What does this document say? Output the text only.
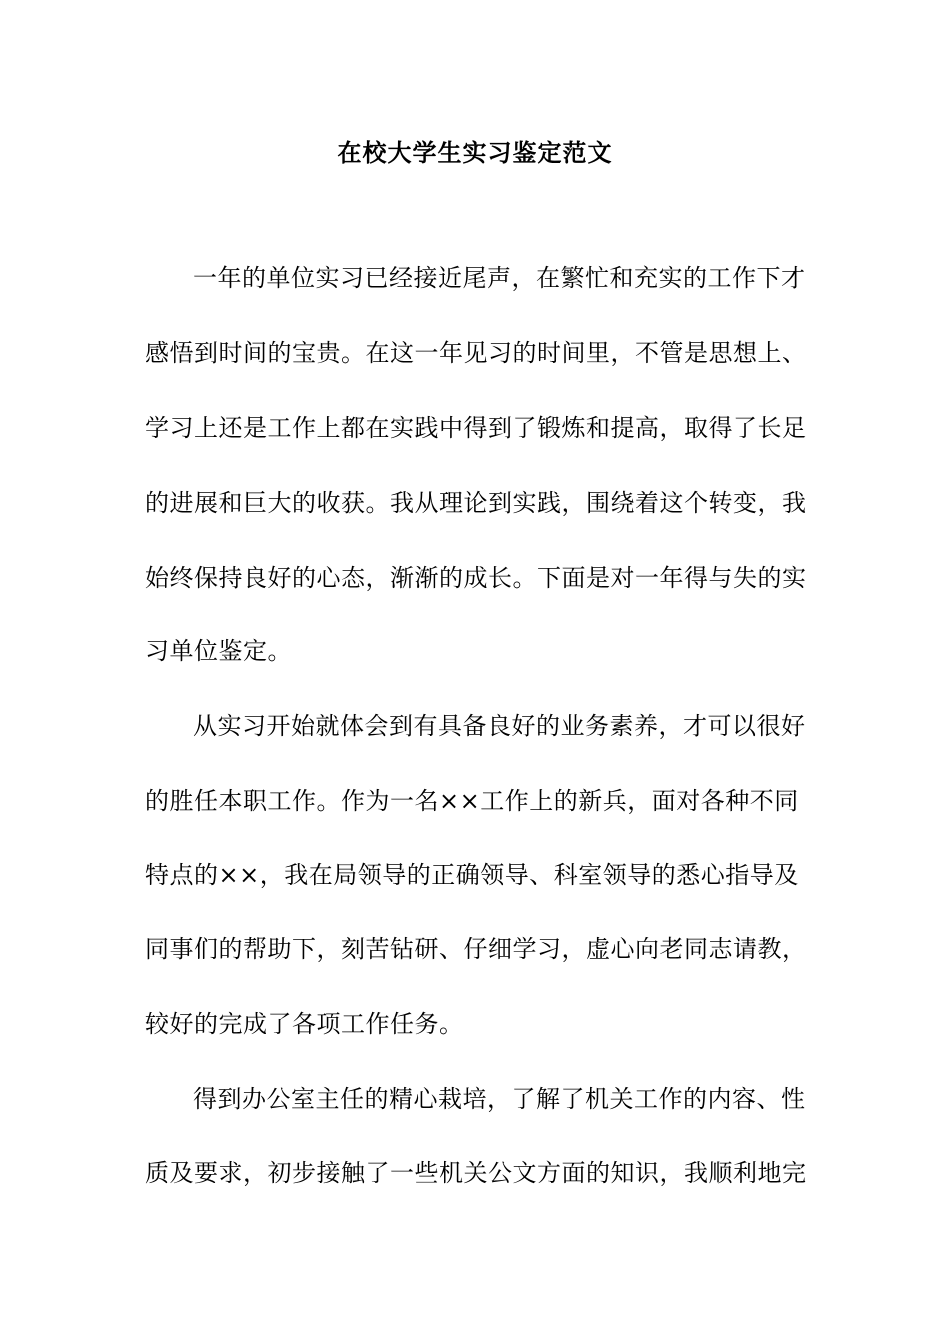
在校大学生实习鉴定范文
一年的单位实习已经接近尾声，在繁忙和充实的工作下才
感悟到时间的宝贵。在这一年见习的时间里，不管是思想上、
学习上还是工作上都在实践中得到了锻炼和提高，取得了长足
的进展和巨大的收获。我从理论到实践，围绕着这个转变，我
始终保持良好的心态，渐渐的成长。下面是对一年得与失的实
习单位鉴定。
从实习开始就体会到有具备良好的业务素养，才可以很好
的胜任本职工作。作为一名××工作上的新兵，面对各种不同
特点的××，我在局领导的正确领导、科室领导的悉心指导及
同事们的帮助下，刻苦钻研、仔细学习，虚心向老同志请教，
较好的完成了各项工作任务。
得到办公室主任的精心栽培，了解了机关工作的内容、性
质及要求，初步接触了一些机关公文方面的知识，我顺利地完
